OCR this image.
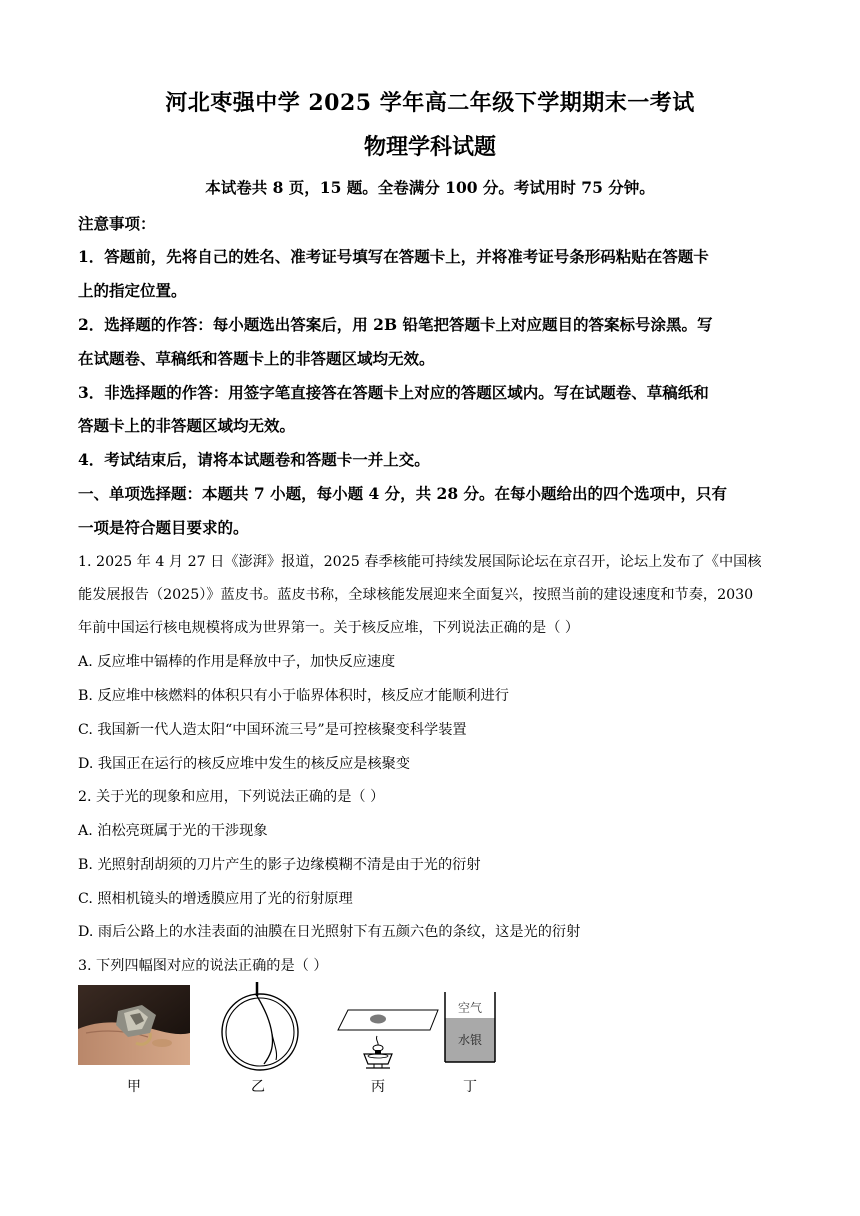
河北枣强中学 2025 学年高二年级下学期期末一考试
物理学科试题
本试卷共 8 页，15 题。全卷满分 100 分。考试用时 75 分钟。
注意事项：
1．答题前，先将自己的姓名、准考证号填写在答题卡上，并将准考证号条形码粘贴在答题卡
上的指定位置。
2．选择题的作答：每小题选出答案后，用 2B 铅笔把答题卡上对应题目的答案标号涂黑。写
在试题卷、草稿纸和答题卡上的非答题区域均无效。
3．非选择题的作答：用签字笔直接答在答题卡上对应的答题区域内。写在试题卷、草稿纸和
答题卡上的非答题区域均无效。
4．考试结束后，请将本试题卷和答题卡一并上交。
一、单项选择题：本题共 7 小题，每小题 4 分，共 28 分。在每小题给出的四个选项中，只有
一项是符合题目要求的。
1. 2025 年 4 月 27 日《澎湃》报道，2025 春季核能可持续发展国际论坛在京召开，论坛上发布了《中国核
能发展报告（2025）》蓝皮书。蓝皮书称，全球核能发展迎来全面复兴，按照当前的建设速度和节奏，2030
年前中国运行核电规模将成为世界第一。关于核反应堆，下列说法正确的是（ ）
A. 反应堆中镉棒的作用是释放中子，加快反应速度
B. 反应堆中核燃料的体积只有小于临界体积时，核反应才能顺利进行
C. 我国新一代人造太阳“中国环流三号”是可控核聚变科学装置
D. 我国正在运行的核反应堆中发生的核反应是核聚变
2. 关于光的现象和应用，下列说法正确的是（ ）
A. 泊松亮斑属于光的干涉现象
B. 光照射刮胡须的刀片产生的影子边缘模糊不清是由于光的衍射
C. 照相机镜头的增透膜应用了光的衍射原理
D. 雨后公路上的水洼表面的油膜在日光照射下有五颜六色的条纹，这是光的衍射
3. 下列四幅图对应的说法正确的是（ ）
空气
水银
甲	乙	丙	丁
